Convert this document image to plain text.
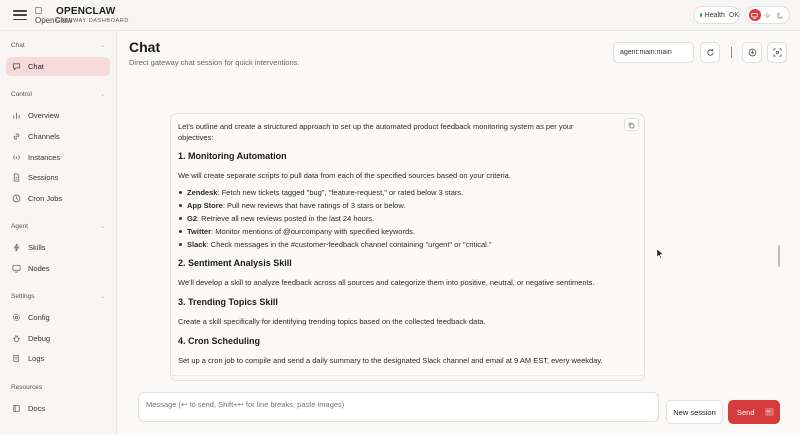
OpenClaw
OPENCLAW
GATEWAY DASHBOARD
Health OK
Chat	⌄
Chat
Control	⌄
Overview
Channels
Instances
Sessions
Cron Jobs
Agent	⌄
Skills
Nodes
Settings	⌄
Config
Debug
Logs
Resources
Docs
Chat
Direct gateway chat session for quick interventions.
agent:main:main

Let's outline and create a structured approach to set up the automated product feedback monitoring system as per your objectives:

1. Monitoring Automation

We will create separate scripts to pull data from each of the specified sources based on your criteria.

Zendesk: Fetch new tickets tagged "bug", "feature-request," or rated below 3 stars.
App Store: Pull new reviews that have ratings of 3 stars or below.
G2: Retrieve all new reviews posted in the last 24 hours.
Twitter: Monitor mentions of @ourcompany with specified keywords.
Slack: Check messages in the #customer-feedback channel containing "urgent" or "critical."
2. Sentiment Analysis Skill

We'll develop a skill to analyze feedback across all sources and categorize them into positive, neutral, or negative sentiments.

3. Trending Topics Skill

Create a skill specifically for identifying trending topics based on the collected feedback data.

4. Cron Scheduling

Set up a cron job to compile and send a daily summary to the designated Slack channel and email at 9 AM EST, every weekday.

Message (↩ to send, Shift+↩ for line breaks, paste images)
New session	Send	↵
